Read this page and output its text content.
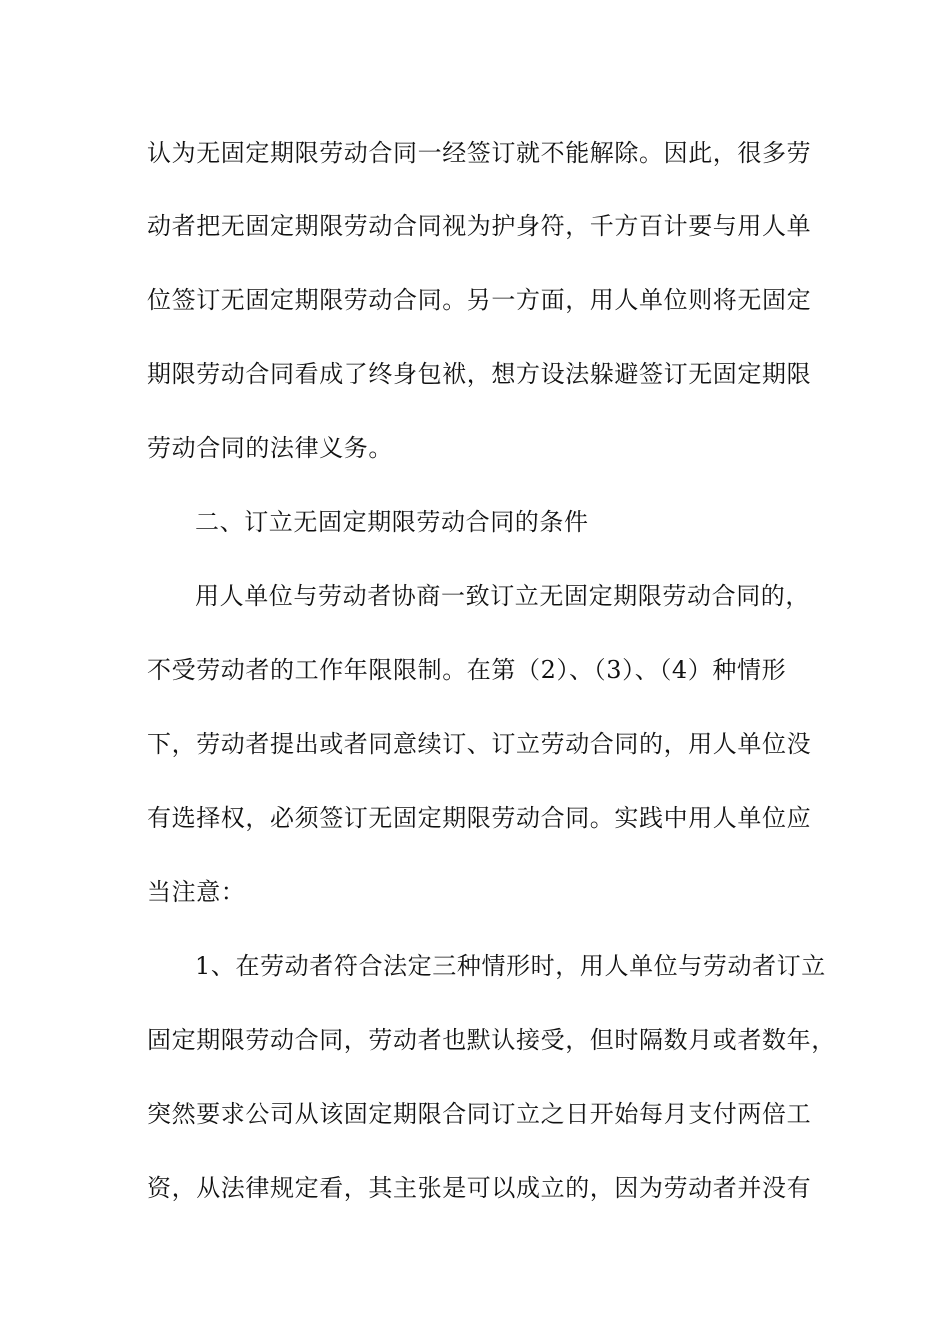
认为无固定期限劳动合同一经签订就不能解除。因此，很多劳
动者把无固定期限劳动合同视为护身符，千方百计要与用人单
位签订无固定期限劳动合同。另一方面，用人单位则将无固定
期限劳动合同看成了终身包袱，想方设法躲避签订无固定期限
劳动合同的法律义务。
二、订立无固定期限劳动合同的条件
用人单位与劳动者协商一致订立无固定期限劳动合同的，
不受劳动者的工作年限限制。在第（2）、（3）、（4）种情形
下，劳动者提出或者同意续订、订立劳动合同的，用人单位没
有选择权，必须签订无固定期限劳动合同。实践中用人单位应
当注意：
1、在劳动者符合法定三种情形时，用人单位与劳动者订立
固定期限劳动合同，劳动者也默认接受，但时隔数月或者数年，
突然要求公司从该固定期限合同订立之日开始每月支付两倍工
资，从法律规定看，其主张是可以成立的，因为劳动者并没有
